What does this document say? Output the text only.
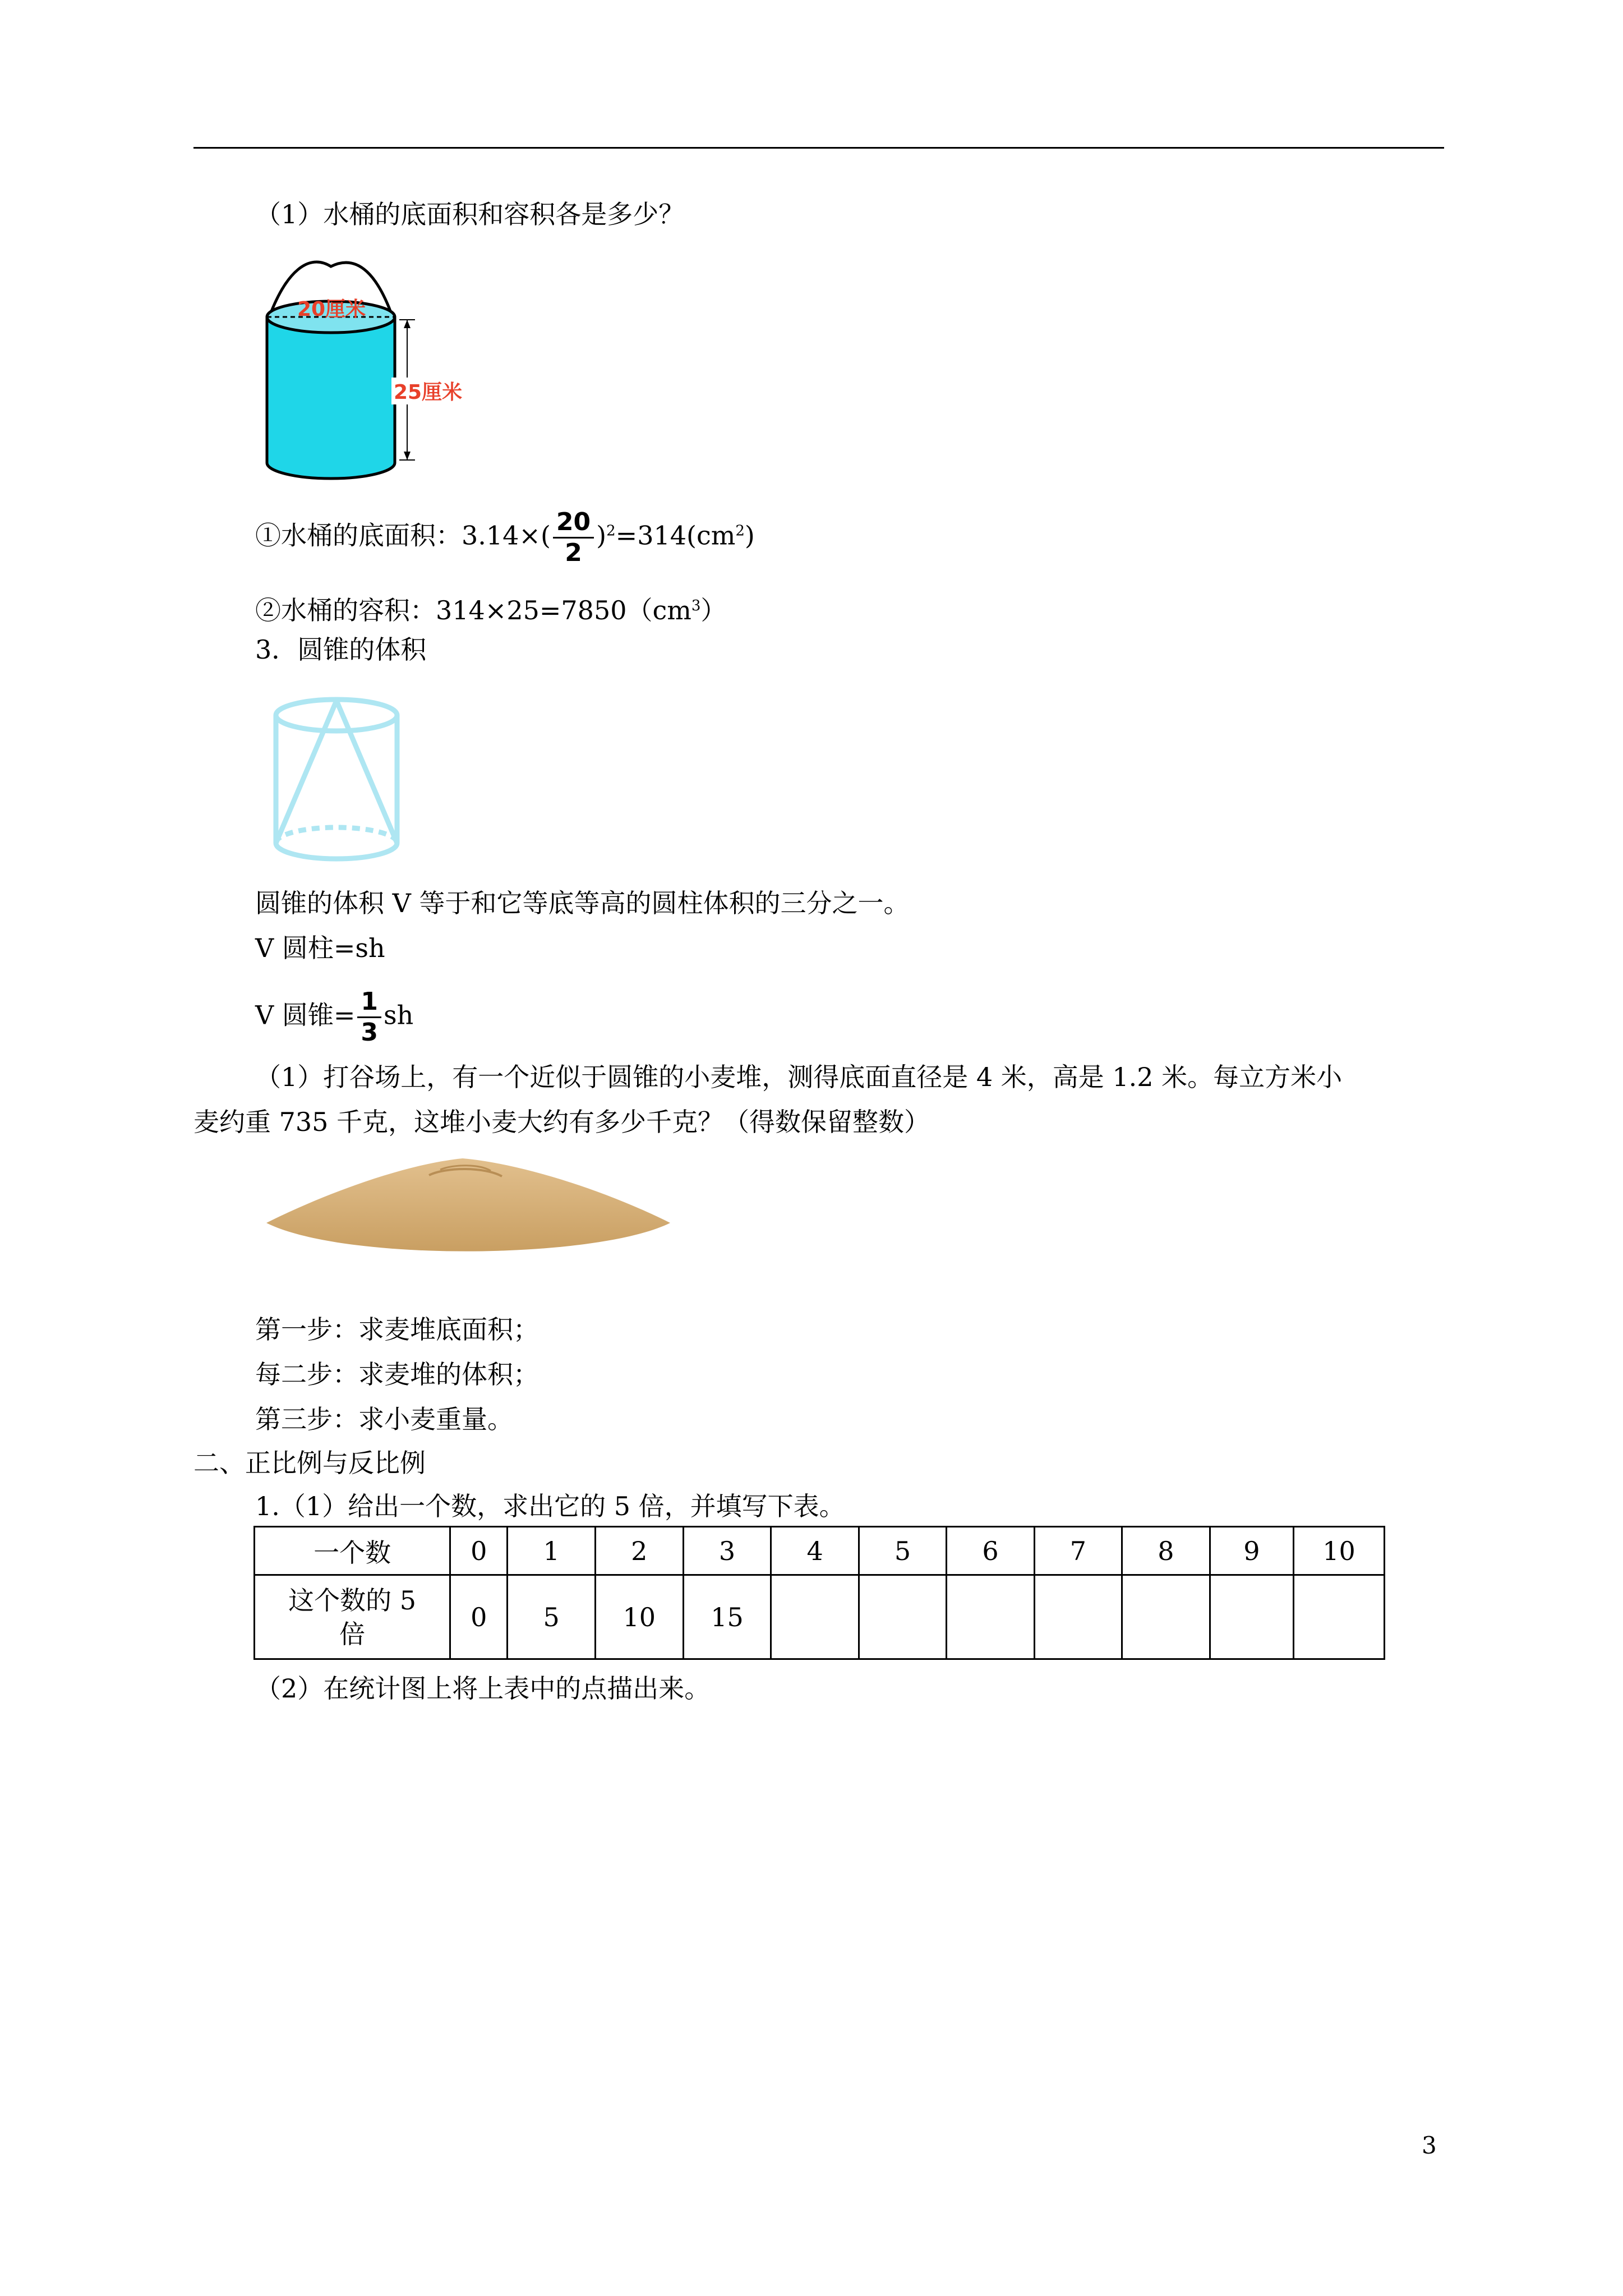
（1）水桶的底面积和容积各是多少？
20厘米
25厘米
①水桶的底面积：$3.14\times( \frac{20}{2} )^2=314(cm^2)$
②水桶的容积：$314\times 25=7850(cm^3)$
3．圆锥的体积
圆锥的体积 V 等于和它等底等高的圆柱体积的三分之一。
V 圆柱=sh
V 圆锥= $\frac{1}{3}$ sh
（1）打谷场上，有一个近似于圆锥的小麦堆，测得底面直径是 4 米，高是 1.2 米。每立方米小
麦约重 735 千克，这堆小麦大约有多少千克？（得数保留整数）
第一步：求麦堆底面积；
每二步：求麦堆的体积；
第三步：求小麦重量。
二、正比例与反比例
1.（1）给出一个数，求出它的 5 倍，并填写下表。
一个数	0	1	2	3	4	5	6	7	8	9	10
这个数的 5
倍	0	5	10	15							
（2）在统计图上将上表中的点描出来。
3
